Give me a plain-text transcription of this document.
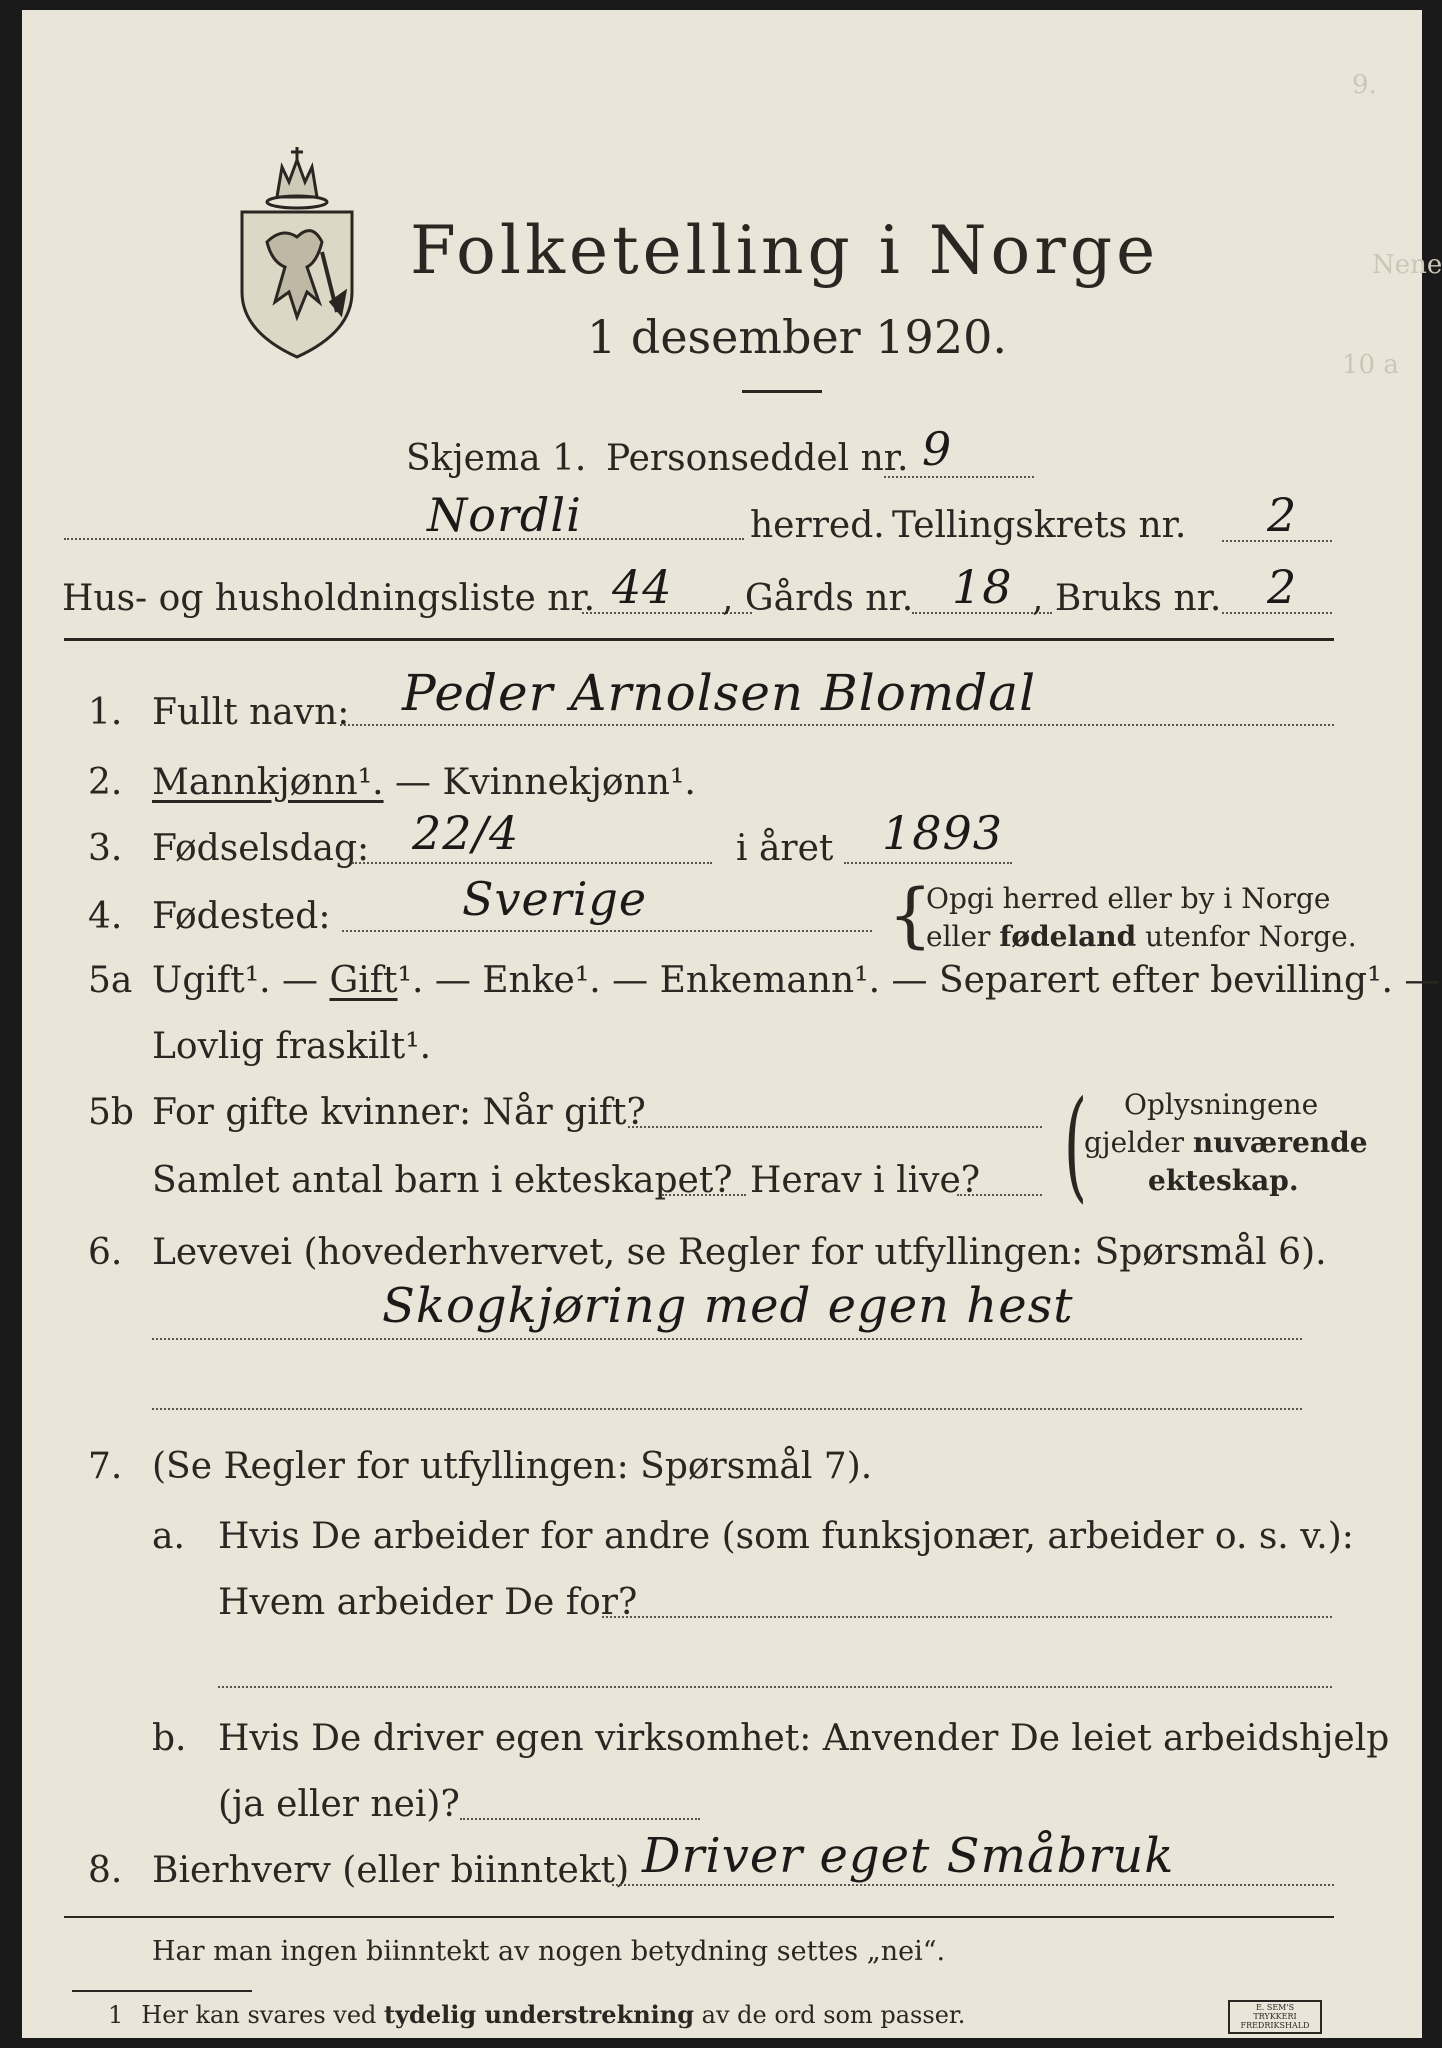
9.
Nene
10 a
Folketelling i Norge
1 desember 1920.
Skjema 1. Personseddel nr. 9
Nordli	herred. Tellingskrets nr. 2
Hus- og husholdningsliste nr. 44 , Gårds nr. 18 , Bruks nr. 2
1. Fullt navn: Peder Arnolsen Blomdal
2. Mannkjønn¹. — Kvinnekjønn¹.
3. Fødselsdag: 22/4	i året 1893
4. Fødested:	Sverige	{
Opgi herred eller by i Norge
eller fødeland utenfor Norge.
5a Ugift¹. — Gift¹. — Enke¹. — Enkemann¹. — Separert efter bevilling¹. —
Lovlig fraskilt¹.
5b For gifte kvinner: Når gift?
Samlet antal barn i ekteskapet? Herav i live? ( Oplysningene
gjelder nuværende
ekteskap.
6. Levevei (hovederhvervet, se Regler for utfyllingen: Spørsmål 6).
Skogkjøring med egen hest
7. (Se Regler for utfyllingen: Spørsmål 7).
a. Hvis De arbeider for andre (som funksjonær, arbeider o. s. v.):
Hvem arbeider De for?
b. Hvis De driver egen virksomhet: Anvender De leiet arbeidshjelp
(ja eller nei)?
8. Bierhverv (eller biinntekt) Driver eget Småbruk
Har man ingen biinntekt av nogen betydning settes „nei“.
1 Her kan svares ved tydelig understrekning av de ord som passer.	E. SEM'S TRYKKERI FREDRIKSHALD
